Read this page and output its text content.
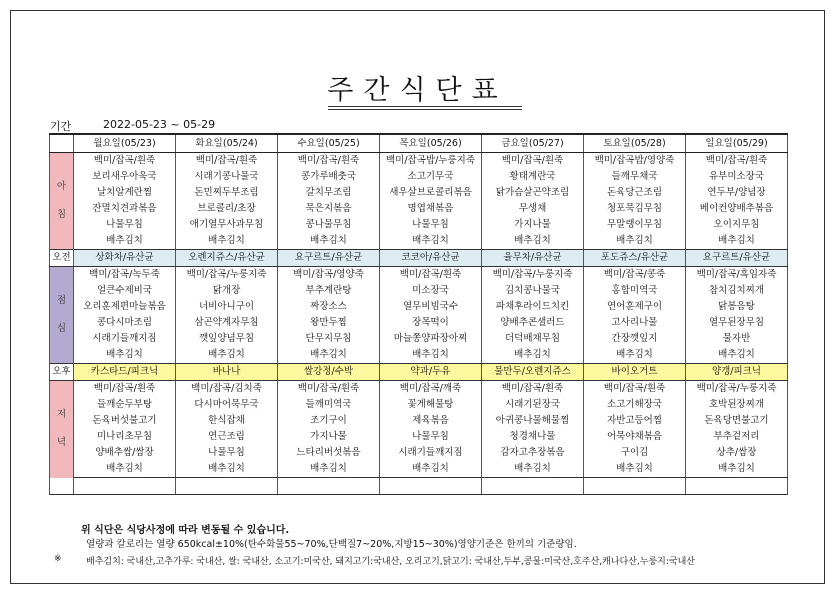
주간식단표
기간	2022-05-23 ~ 05-29
	월요일(05/23)	화요일(05/24)	수요일(05/25)	목요일(05/26)	금요일(05/27)	토요일(05/28)	일요일(05/29)

아
침	백미/잡곡/흰죽	백미/잡곡/흰죽	백미/잡곡/흰죽	백미/잡곡밥/누룽지죽	백미/잡곡/흰죽	백미/잡곡밥/영양죽	백미/잡곡/흰죽
	보리새우아욱국	시래기콩나물국	콩가루배춧국	소고기무국	황태계란국	들깨무채국	유부미소장국
	날치알계란찜	돈민찌두부조림	갈치무조림	새우살브로콜리볶음	닭가슴살곤약조림	돈육당근조림	연두부/양념장
	잔멸치견과볶음	브로콜리/초장	묵은지볶음	명엽채볶음	무생채	청포묵김무침	베이컨양배추볶음
	나물무침	애기열무사과무침	콩나물무침	나물무침	가지나물	무말랭이무침	오이지무침
	배추김치	배추김치	배추김치	배추김치	배추김치	배추김치	배추김치
오전	상화차/유산균	오렌지쥬스/유산균	요구르트/유산균	코코아/유산균	율무차/유산균	포도쥬스/유산균	요구르트/유산균

점
심	백미/잡곡/녹두죽	백미/잡곡/누룽지죽	백미/잡곡/영양죽	백미/잡곡/흰죽	백미/잡곡/누룽지죽	백미/잡곡/콩죽	백미/잡곡/흑임자죽
	얼큰수제비국	닭개장	부추계란탕	미소장국	김치콩나물국	홍합미역국	참치김치찌개
	오리훈제편마늘볶음	너비아니구이	짜장소스	열무비빔국수	파채후라이드치킨	연어훈제구이	닭봉음탕
	콩다시마조림	삼곤약계자무침	왕만두찜	장목떡이	양배추콘샐러드	고사리나물	열무된장무침
	시래기들깨지짐	깻잎양념무침	단무지무침	마늘쫑양파장아찌	더덕배채무침	간장깻잎지	물자반
	배추김치	배추김치	배추김치	배추김치	배추김치	배추김치	배추김치
오후	카스타드/피크닉	바나나	쌀강정/수박	약과/두유	물만두/오렌지쥬스	바이오거트	양갱/피크닉

저
녁	백미/잡곡/흰죽	백미/잡곡/김치죽	백미/잡곡/흰죽	백미/잡곡/깨죽	백미/잡곡/흰죽	백미/잡곡/흰죽	백미/잡곡/누룽지죽
	들깨순두부탕	다시마어묵무국	들깨미역국	꽃게해물탕	시래기된장국	소고기해장국	호박된장찌개
	돈육버섯불고기	한식잡채	조기구이	제육볶음	아귀콩나물해물찜	자반고등어찜	돈육당면불고기
	미나리초무침	연근조림	가지나물	나물무침	청경채나물	어묵야채볶음	부추겉저리
	양배추쌈/쌈장	나물무침	느타리버섯볶음	시래기들깨지짐	감자고추장볶음	구이김	상추/쌈장
	배추김치	배추김치	배추김치	배추김치	배추김치	배추김치	배추김치

위 식단은 식당사정에 따라 변동될 수 있습니다.
열량과 칼로리는 열량 650kcal±10%(탄수화물55~70%,단백질7~20%,지방15~30%)영양기준은 한끼의 기준량임.
※	배추김치: 국내산,고추가루: 국내산, 쌀: 국내산, 소고기:미국산, 돼지고기:국내산, 오리고기,닭고기: 국내산,두부,콩물:미국산,호주산,캐나다산,누룽지:국내산
